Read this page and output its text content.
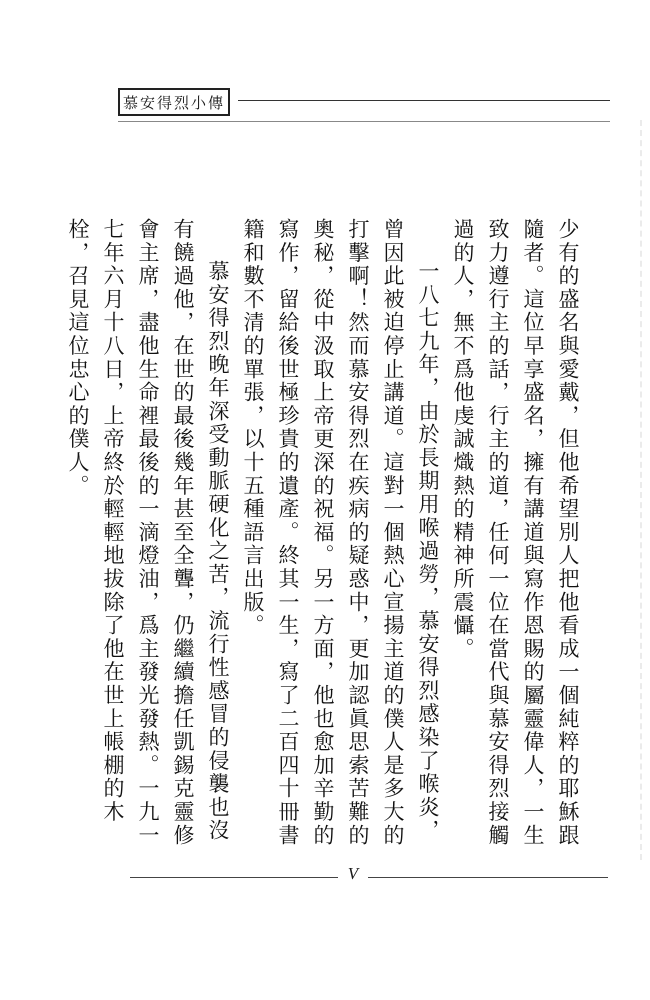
慕安得烈小傳

少有的盛名與愛戴，但他希望別人把他看成一個純粹的耶穌跟隨者。這位早享盛名，擁有講道與寫作恩賜的屬靈偉人，一生致力遵行主的話，行主的道，任何一位在當代與慕安得烈接觸過的人，無不爲他虔誠熾熱的精神所震懾。

一八七九年，由於長期用喉過勞，慕安得烈感染了喉炎，曾因此被迫停止講道。這對一個熱心宣揚主道的僕人是多大的打擊啊！然而慕安得烈在疾病的疑惑中，更加認眞思索苦難的奧秘，從中汲取上帝更深的祝福。另一方面，他也愈加辛勤的寫作，留給後世極珍貴的遺產。終其一生，寫了二百四十冊書籍和數不清的單張，以十五種語言出版。

慕安得烈晚年深受動脈硬化之苦，流行性感冒的侵襲也沒有饒過他，在世的最後幾年甚至全聾，仍繼續擔任凱錫克靈修會主席，盡他生命裡最後的一滴燈油，爲主發光發熱。一九一七年六月十八日，上帝終於輕輕地拔除了他在世上帳棚的木栓，召見這位忠心的僕人。

V
